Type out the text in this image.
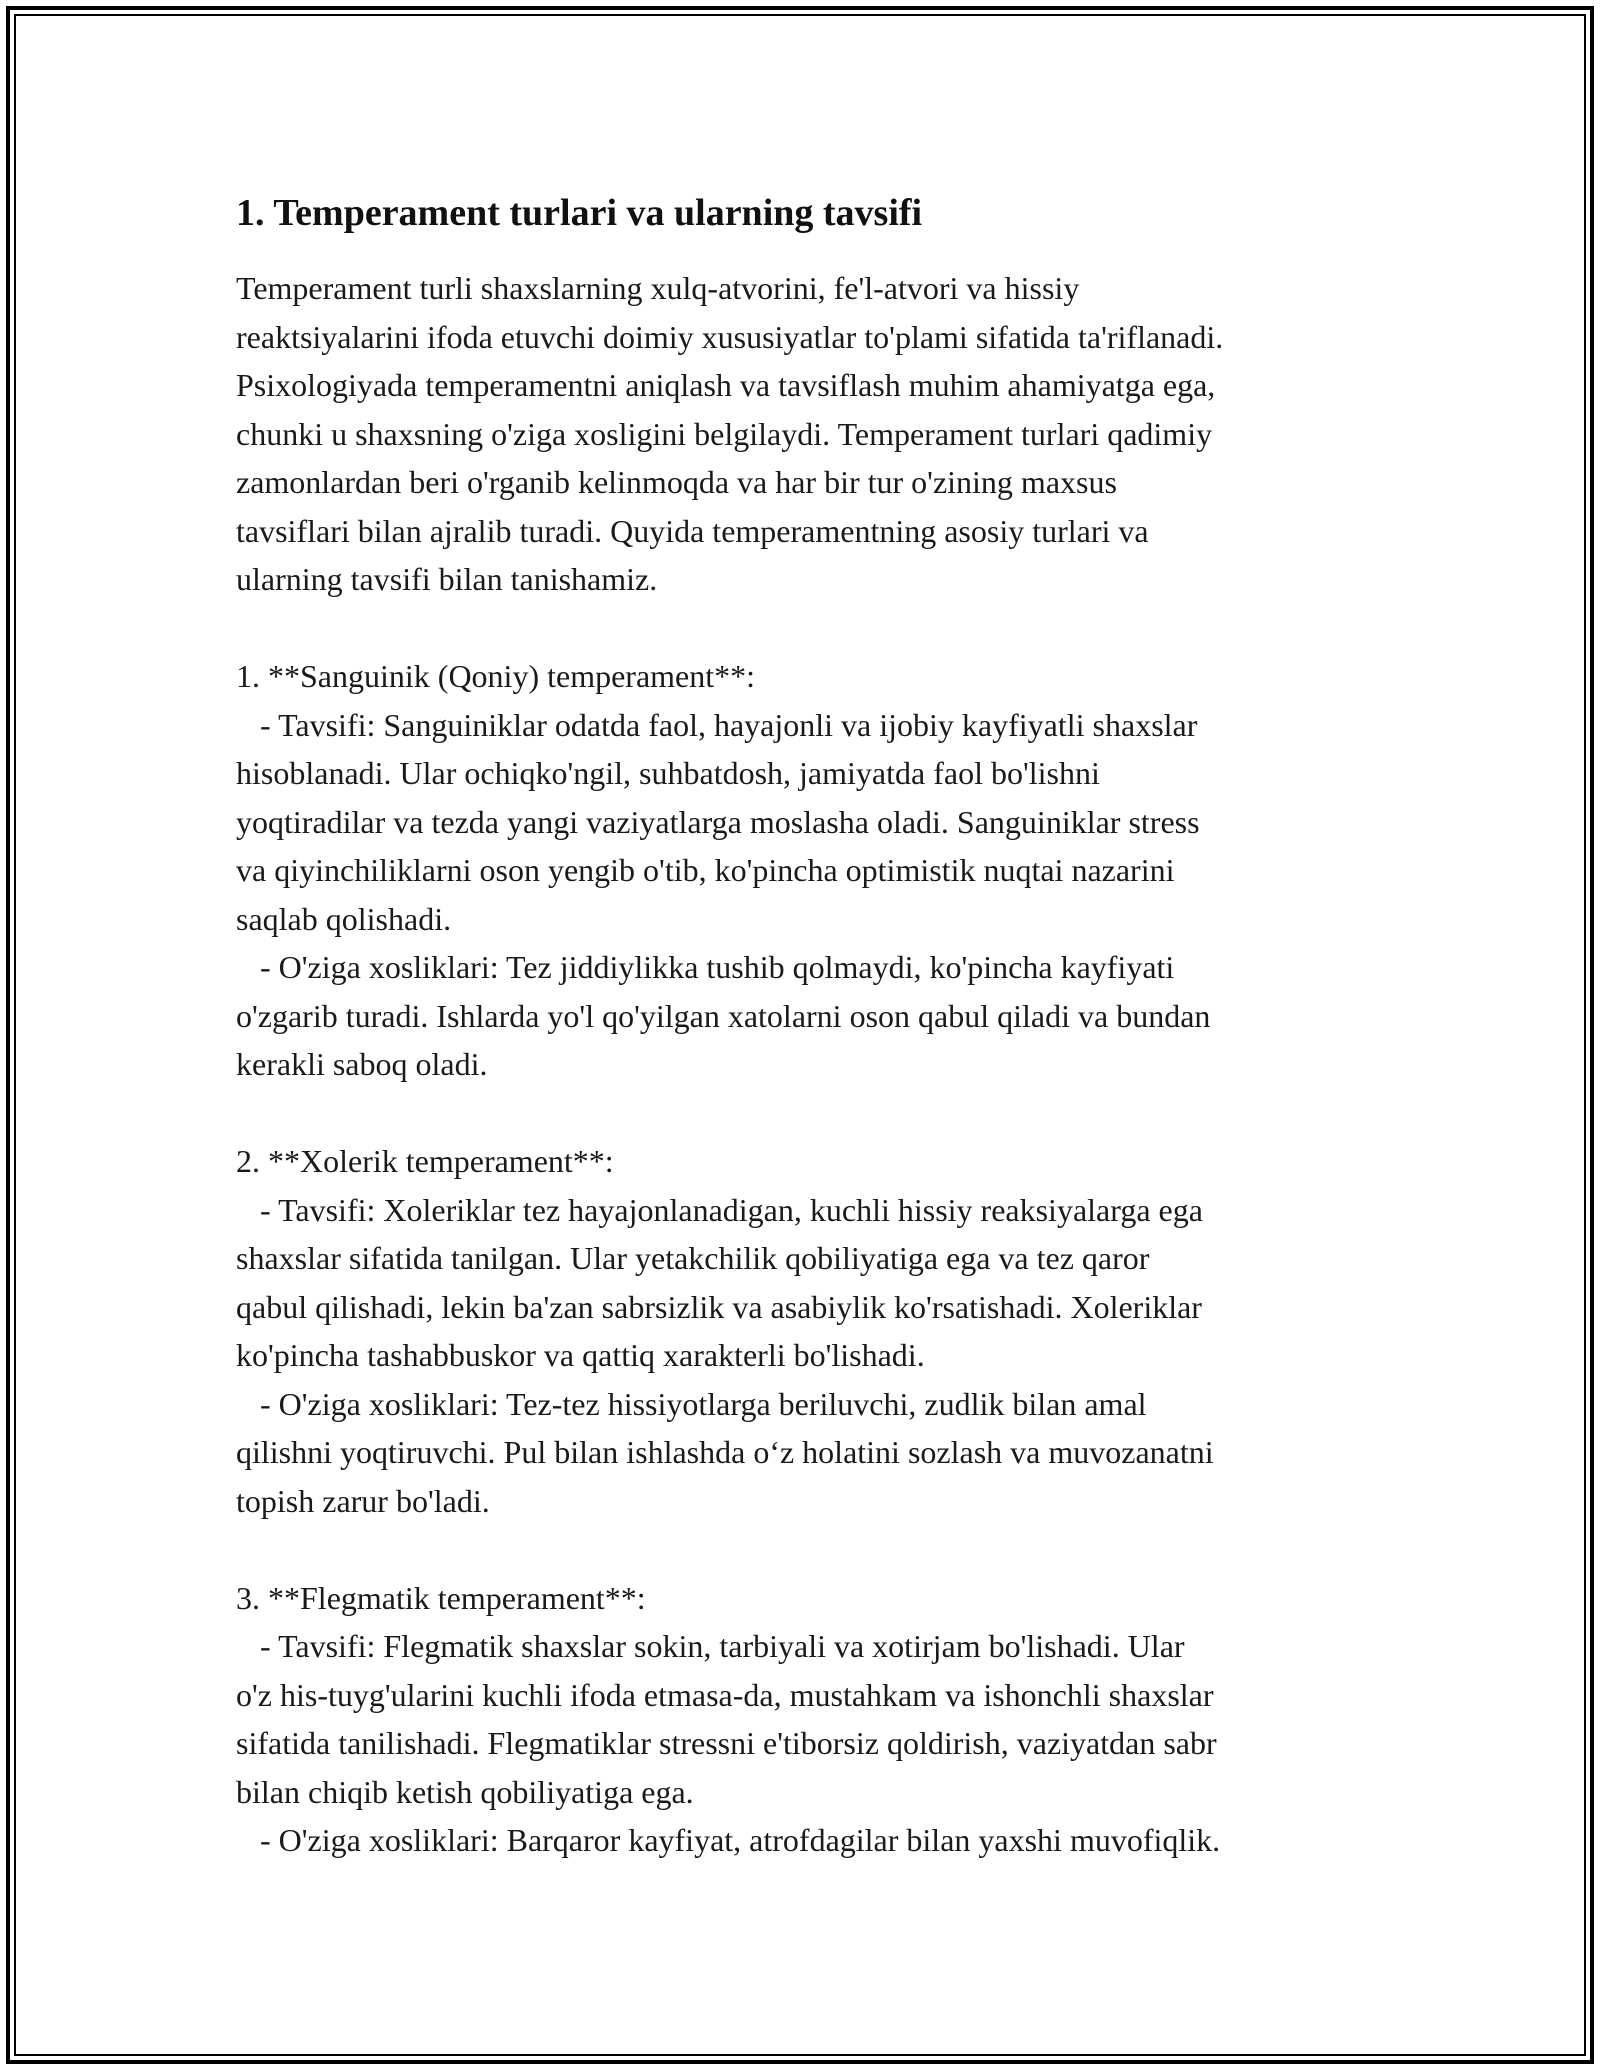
1. Temperament turlari va ularning tavsifi
Temperament turli shaxslarning xulq-atvorini, fe'l-atvori va hissiy
reaktsiyalarini ifoda etuvchi doimiy xususiyatlar to'plami sifatida ta'riflanadi.
Psixologiyada temperamentni aniqlash va tavsiflash muhim ahamiyatga ega,
chunki u shaxsning o'ziga xosligini belgilaydi. Temperament turlari qadimiy
zamonlardan beri o'rganib kelinmoqda va har bir tur o'zining maxsus
tavsiflari bilan ajralib turadi. Quyida temperamentning asosiy turlari va
ularning tavsifi bilan tanishamiz.
1. **Sanguinik (Qoniy) temperament**:
- Tavsifi: Sanguiniklar odatda faol, hayajonli va ijobiy kayfiyatli shaxslar
hisoblanadi. Ular ochiqko'ngil, suhbatdosh, jamiyatda faol bo'lishni
yoqtiradilar va tezda yangi vaziyatlarga moslasha oladi. Sanguiniklar stress
va qiyinchiliklarni oson yengib o'tib, ko'pincha optimistik nuqtai nazarini
saqlab qolishadi.
- O'ziga xosliklari: Tez jiddiylikka tushib qolmaydi, ko'pincha kayfiyati
o'zgarib turadi. Ishlarda yo'l qo'yilgan xatolarni oson qabul qiladi va bundan
kerakli saboq oladi.
2. **Xolerik temperament**:
- Tavsifi: Xoleriklar tez hayajonlanadigan, kuchli hissiy reaksiyalarga ega
shaxslar sifatida tanilgan. Ular yetakchilik qobiliyatiga ega va tez qaror
qabul qilishadi, lekin ba'zan sabrsizlik va asabiylik ko'rsatishadi. Xoleriklar
ko'pincha tashabbuskor va qattiq xarakterli bo'lishadi.
- O'ziga xosliklari: Tez-tez hissiyotlarga beriluvchi, zudlik bilan amal
qilishni yoqtiruvchi. Pul bilan ishlashda oʻz holatini sozlash va muvozanatni
topish zarur bo'ladi.
3. **Flegmatik temperament**:
- Tavsifi: Flegmatik shaxslar sokin, tarbiyali va xotirjam bo'lishadi. Ular
o'z his-tuyg'ularini kuchli ifoda etmasa-da, mustahkam va ishonchli shaxslar
sifatida tanilishadi. Flegmatiklar stressni e'tiborsiz qoldirish, vaziyatdan sabr
bilan chiqib ketish qobiliyatiga ega.
- O'ziga xosliklari: Barqaror kayfiyat, atrofdagilar bilan yaxshi muvofiqlik.
